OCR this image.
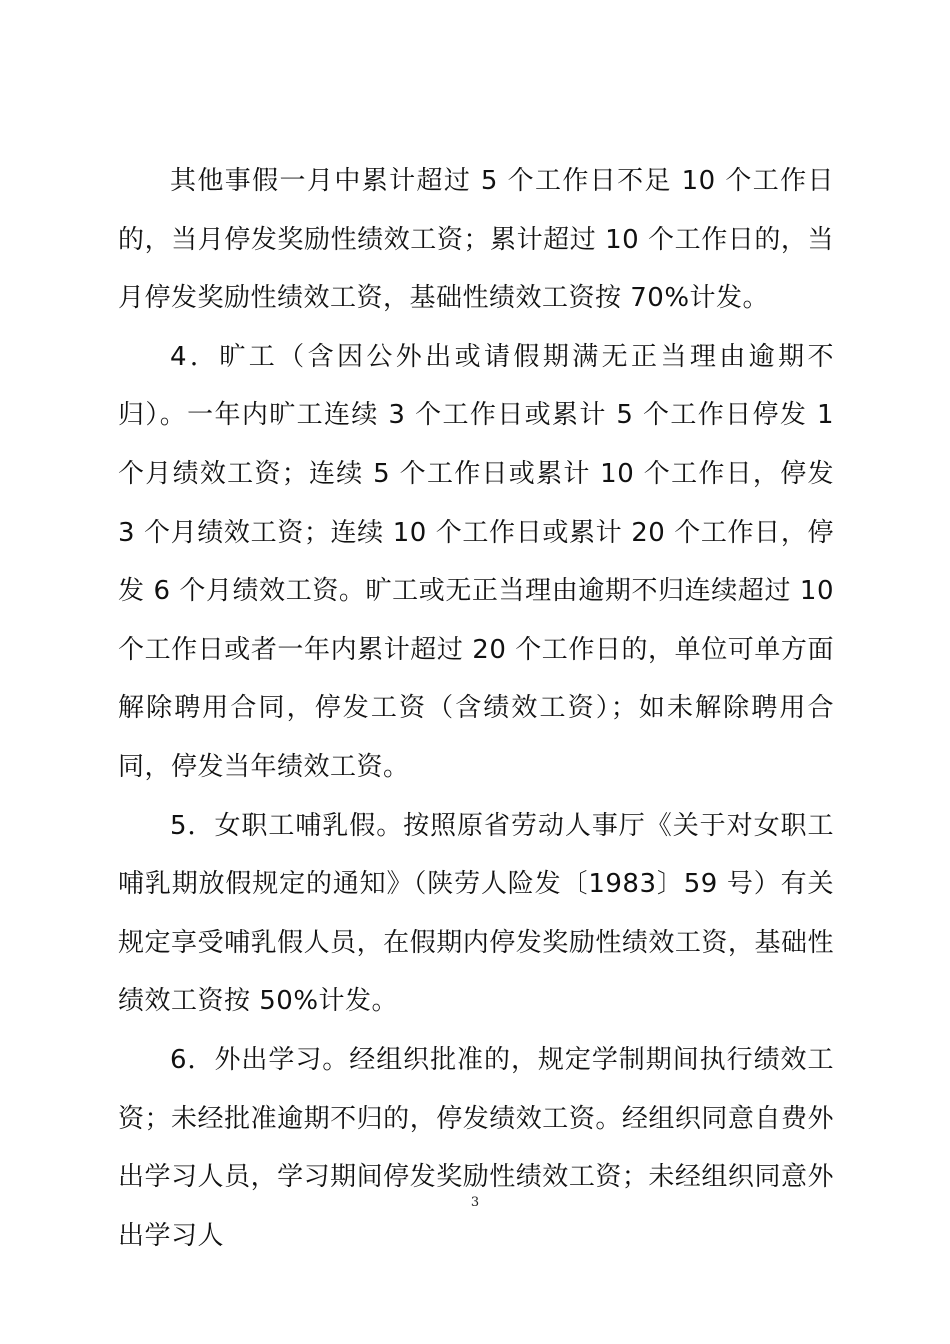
其他事假一月中累计超过 5 个工作日不足 10 个工作日的，当月停发奖励性绩效工资；累计超过 10 个工作日的，当月停发奖励性绩效工资，基础性绩效工资按 70%计发。

4．旷工（含因公外出或请假期满无正当理由逾期不归）。一年内旷工连续 3 个工作日或累计 5 个工作日停发 1 个月绩效工资；连续 5 个工作日或累计 10 个工作日，停发 3 个月绩效工资；连续 10 个工作日或累计 20 个工作日，停发 6 个月绩效工资。旷工或无正当理由逾期不归连续超过 10 个工作日或者一年内累计超过 20 个工作日的，单位可单方面解除聘用合同，停发工资（含绩效工资）；如未解除聘用合同，停发当年绩效工资。

5．女职工哺乳假。按照原省劳动人事厅《关于对女职工哺乳期放假规定的通知》（陕劳人险发〔1983〕59 号）有关规定享受哺乳假人员，在假期内停发奖励性绩效工资，基础性绩效工资按 50%计发。

6．外出学习。经组织批准的，规定学制期间执行绩效工资；未经批准逾期不归的，停发绩效工资。经组织同意自费外出学习人员，学习期间停发奖励性绩效工资；未经组织同意外出学习人

3
